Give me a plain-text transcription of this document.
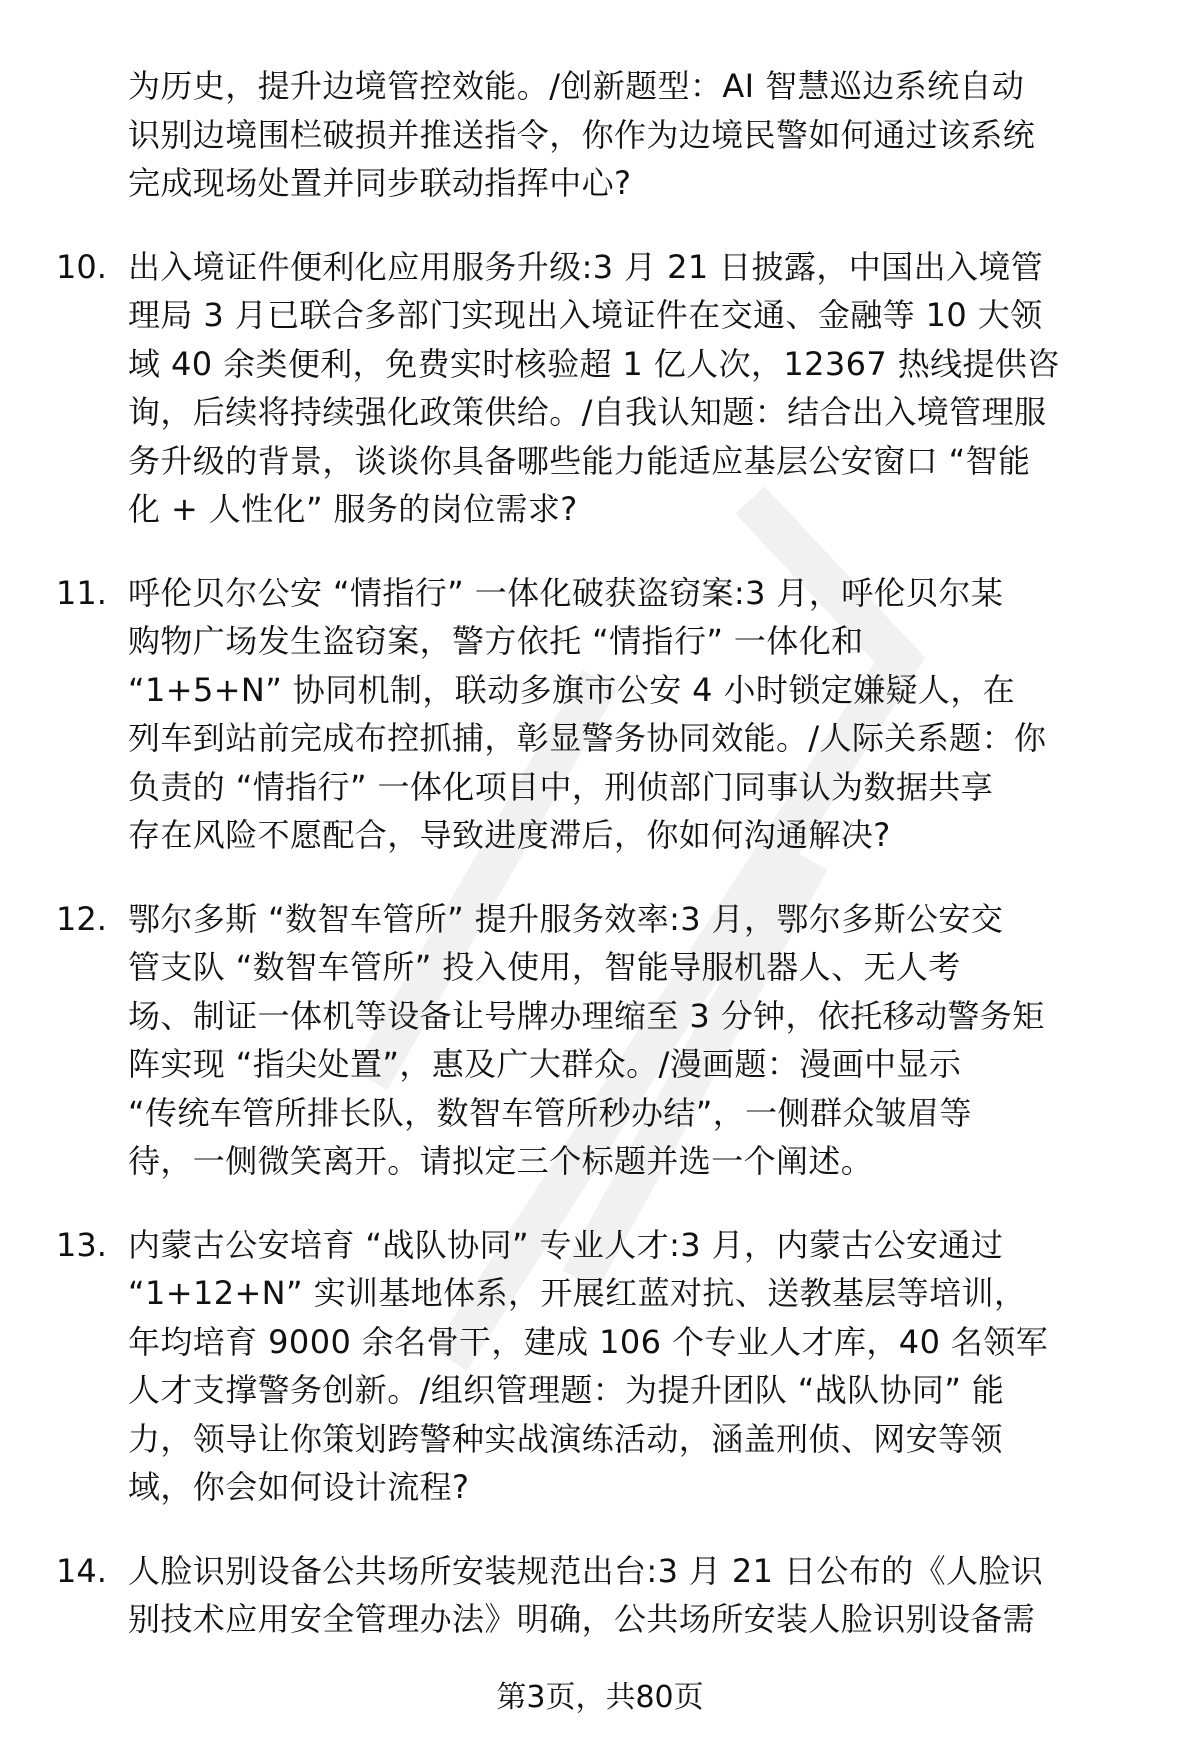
为历史，提升边境管控效能。/创新题型：AI 智慧巡边系统自动
识别边境围栏破损并推送指令，你作为边境民警如何通过该系统
完成现场处置并同步联动指挥中心?
10. 出入境证件便利化应用服务升级:3 月 21 日披露，中国出入境管
理局 3 月已联合多部门实现出入境证件在交通、金融等 10 大领
域 40 余类便利，免费实时核验超 1 亿人次，12367 热线提供咨
询，后续将持续强化政策供给。/自我认知题：结合出入境管理服
务升级的背景，谈谈你具备哪些能力能适应基层公安窗口 “智能
化 + 人性化” 服务的岗位需求?
11. 呼伦贝尔公安 “情指行” 一体化破获盗窃案:3 月，呼伦贝尔某
购物广场发生盗窃案，警方依托 “情指行” 一体化和
“1+5+N” 协同机制，联动多旗市公安 4 小时锁定嫌疑人，在
列车到站前完成布控抓捕，彰显警务协同效能。/人际关系题：你
负责的 “情指行” 一体化项目中，刑侦部门同事认为数据共享
存在风险不愿配合，导致进度滞后，你如何沟通解决?
12. 鄂尔多斯 “数智车管所” 提升服务效率:3 月，鄂尔多斯公安交
管支队 “数智车管所” 投入使用，智能导服机器人、无人考
场、制证一体机等设备让号牌办理缩至 3 分钟，依托移动警务矩
阵实现 “指尖处置”，惠及广大群众。/漫画题：漫画中显示
“传统车管所排长队，数智车管所秒办结”，一侧群众皱眉等
待，一侧微笑离开。请拟定三个标题并选一个阐述。
13. 内蒙古公安培育 “战队协同” 专业人才:3 月，内蒙古公安通过
“1+12+N” 实训基地体系，开展红蓝对抗、送教基层等培训，
年均培育 9000 余名骨干，建成 106 个专业人才库，40 名领军
人才支撑警务创新。/组织管理题：为提升团队 “战队协同” 能
力，领导让你策划跨警种实战演练活动，涵盖刑侦、网安等领
域，你会如何设计流程?
14. 人脸识别设备公共场所安装规范出台:3 月 21 日公布的《人脸识
别技术应用安全管理办法》明确，公共场所安装人脸识别设备需
第3页，共80页
